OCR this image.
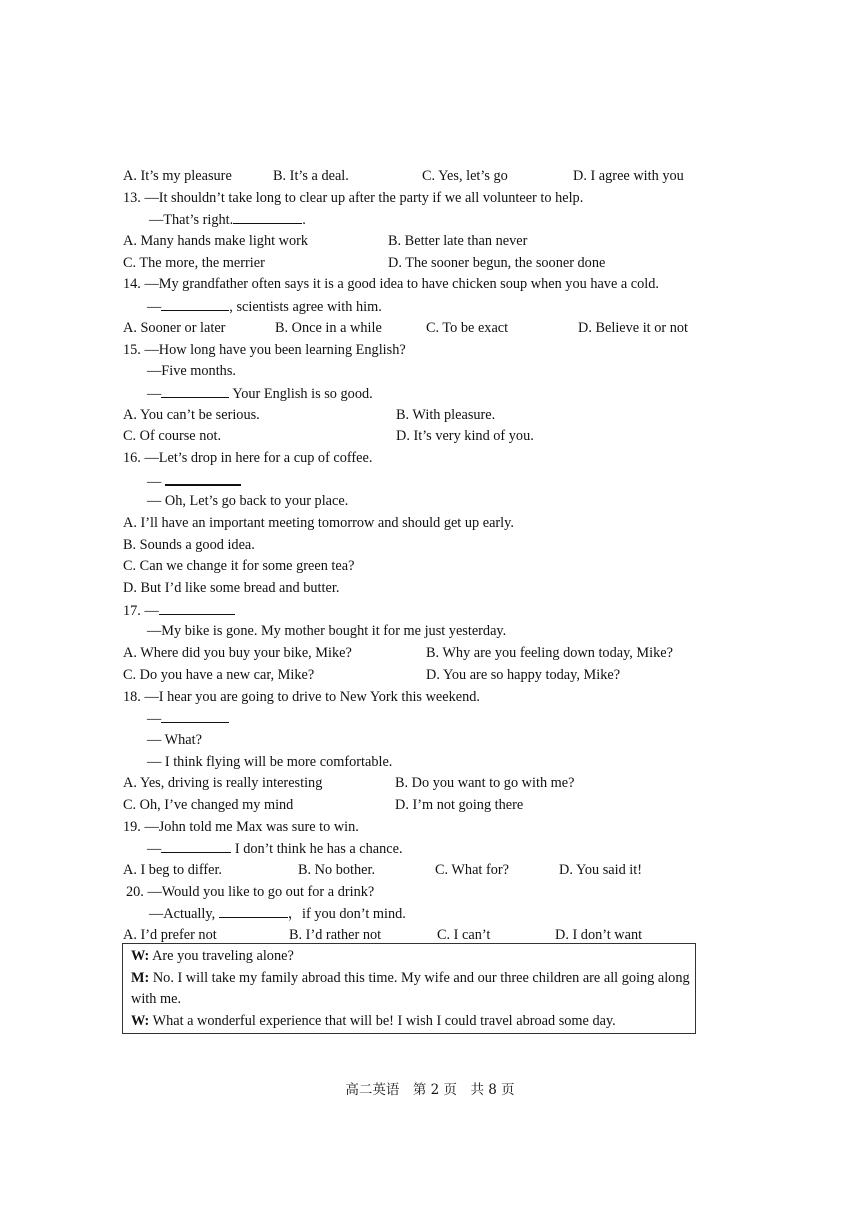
A. It’s my pleasure	B. It’s a deal.	C. Yes, let’s go	D. I agree with you
13. —It shouldn’t take long to clear up after the party if we all volunteer to help.
—That’s right.	.
A. Many hands make light work	B. Better late than never
C. The more, the merrier	D. The sooner begun, the sooner done
14. —My grandfather often says it is a good idea to have chicken soup when you have a cold.
—	, scientists agree with him.
A. Sooner or later	B. Once in a while	C. To be exact	D. Believe it or not
15. —How long have you been learning English?
—Five months.
—	Your English is so good.
A. You can’t be serious.	B. With pleasure.
C. Of course not.	D. It’s very kind of you.
16. —Let’s drop in here for a cup of coffee.
—
— Oh, Let’s go back to your place.
A. I’ll have an important meeting tomorrow and should get up early.
B. Sounds a good idea.
C. Can we change it for some green tea?
D. But I’d like some bread and butter.
17. —
—My bike is gone. My mother bought it for me just yesterday.
A. Where did you buy your bike, Mike?	B. Why are you feeling down today, Mike?
C. Do you have a new car, Mike?	D. You are so happy today, Mike?
18. —I hear you are going to drive to New York this weekend.
—
— What?
— I think flying will be more comfortable.
A. Yes, driving is really interesting	B. Do you want to go with me?
C. Oh, I’ve changed my mind	D. I’m not going there
19. —John told me Max was sure to win.
—	I don’t think he has a chance.
A. I beg to differ.	B. No bother.	C. What for?	D. You said it!
20. —Would you like to go out for a drink?
—Actually,	，if you don’t mind.
A. I’d prefer not	B. I’d rather not	C. I can’t	D. I don’t want
W: Are you traveling alone?
M: No. I will take my family abroad this time. My wife and our three children are all going along with me.
W: What a wonderful experience that will be! I wish I could travel abroad some day.
高二英语　第 2 页　共 8 页
